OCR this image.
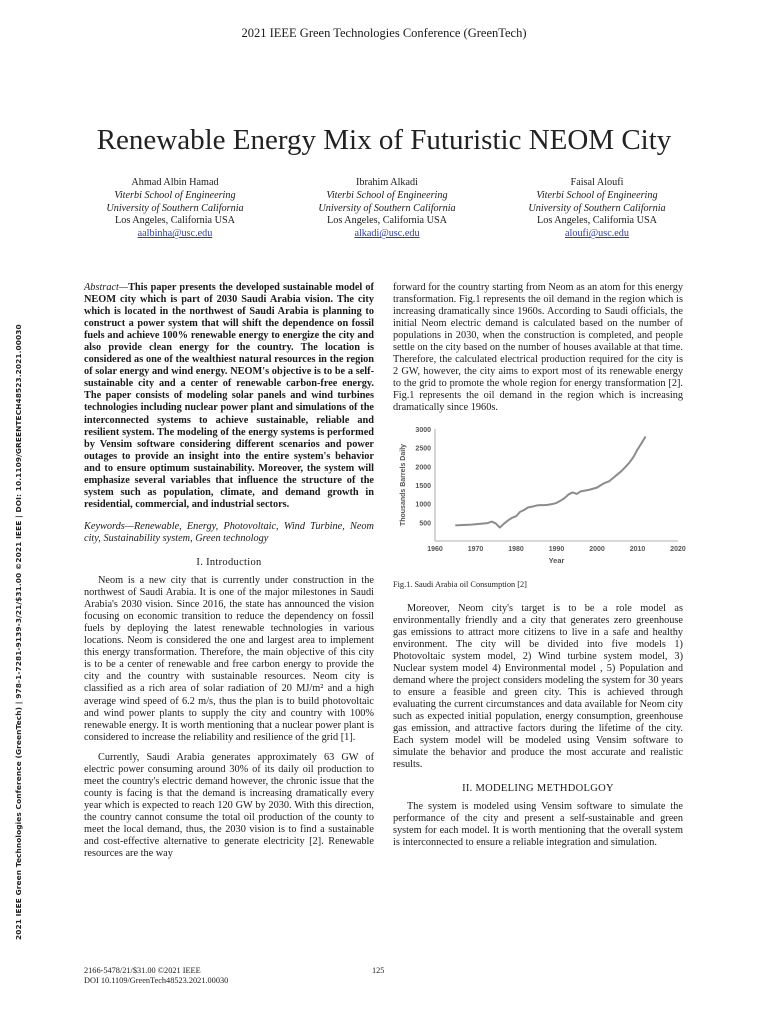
2021 IEEE Green Technologies Conference (GreenTech)
Renewable Energy Mix of Futuristic NEOM City
Ahmad Albin Hamad
Viterbi School of Engineering
University of Southern California
Los Angeles, California USA
aalbinha@usc.edu
Ibrahim Alkadi
Viterbi School of Engineering
University of Southern California
Los Angeles, California USA
alkadi@usc.edu
Faisal Aloufi
Viterbi School of Engineering
University of Southern California
Los Angeles, California USA
aloufi@usc.edu
2021 IEEE Green Technologies Conference (GreenTech) | 978-1-7281-9139-3/21/$31.00 ©2021 IEEE | DOI: 10.1109/GREENTECH48523.2021.00030

Abstract—This paper presents the developed sustainable model of NEOM city which is part of 2030 Saudi Arabia vision. The city which is located in the northwest of Saudi Arabia is planning to construct a power system that will shift the dependence on fossil fuels and achieve 100% renewable energy to energize the city and also provide clean energy for the country. The location is considered as one of the wealthiest natural resources in the region of solar energy and wind energy. NEOM's objective is to be a self-sustainable city and a center of renewable carbon-free energy. The paper consists of modeling solar panels and wind turbines technologies including nuclear power plant and simulations of the interconnected systems to achieve sustainable, reliable and resilient system. The modeling of the energy systems is performed by Vensim software considering different scenarios and power outages to provide an insight into the entire system's behavior and to ensure optimum sustainability. Moreover, the system will emphasize several variables that influence the structure of the system such as population, climate, and demand growth in residential, commercial, and industrial sectors.

Keywords—Renewable, Energy, Photovoltaic, Wind Turbine, Neom city, Sustainability system, Green technology

I. Introduction

Neom is a new city that is currently under construction in the northwest of Saudi Arabia. It is one of the major milestones in Saudi Arabia's 2030 vision. Since 2016, the state has announced the vision focusing on economic transition to reduce the dependency on fossil fuels by deploying the latest renewable technologies in various locations. Neom is considered the one and largest area to implement this energy transformation. Therefore, the main objective of this city is to be a center of renewable and free carbon energy to provide the city and the country with sustainable resources. Neom city is classified as a rich area of solar radiation of 20 MJ/m² and a high average wind speed of 6.2 m/s, thus the plan is to build photovoltaic and wind power plants to supply the city and country with 100% renewable energy. It is worth mentioning that a nuclear power plant is considered to increase the reliability and resilience of the grid [1].

Currently, Saudi Arabia generates approximately 63 GW of electric power consuming around 30% of its daily oil production to meet the country's electric demand however, the chronic issue that the county is facing is that the demand is increasing dramatically every year which is expected to reach 120 GW by 2030. With this direction, the country cannot consume the total oil production of the county to meet the local demand, thus, the 2030 vision is to find a sustainable and cost-effective alternative to generate electricity [2]. Renewable resources are the way

forward for the country starting from Neom as an atom for this energy transformation. Fig.1 represents the oil demand in the region which is increasing dramatically since 1960s. According to Saudi officials, the initial Neom electric demand is calculated based on the number of populations in 2030, when the construction is completed, and people settle on the city based on the number of houses available at that time. Therefore, the calculated electrical production required for the city is 2 GW, however, the city aims to export most of its renewable energy to the grid to promote the whole region for energy transformation [2]. Fig.1 represents the oil demand in the region which is increasing dramatically since 1960s.

500
1000
1500
2000
2500
3000
1960	1970	1980	1990	2000	2010	2020
Year
Thousands Barrels Daily

Fig.1. Saudi Arabia oil Consumption [2]

Moreover, Neom city's target is to be a role model as environmentally friendly and a city that generates zero greenhouse gas emissions to attract more citizens to live in a safe and healthy environment. The city will be divided into five models 1) Photovoltaic system model, 2) Wind turbine system model, 3) Nuclear system model 4) Environmental model , 5) Population and demand where the project considers modeling the system for 30 years to ensure a feasible and green city. This is achieved through evaluating the current circumstances and data available for Neom city such as expected initial population, energy consumption, greenhouse gas emission, and attractive factors during the lifetime of the city. Each system model will be modeled using Vensim software to simulate the behavior and produce the most accurate and realistic results.

II. MODELING METHDOLGOY

The system is modeled using Vensim software to simulate the performance of the city and present a self-sustainable and green system for each model. It is worth mentioning that the overall system is interconnected to ensure a reliable integration and simulation.

2166-5478/21/$31.00 ©2021 IEEE
DOI 10.1109/GreenTech48523.2021.00030
125
